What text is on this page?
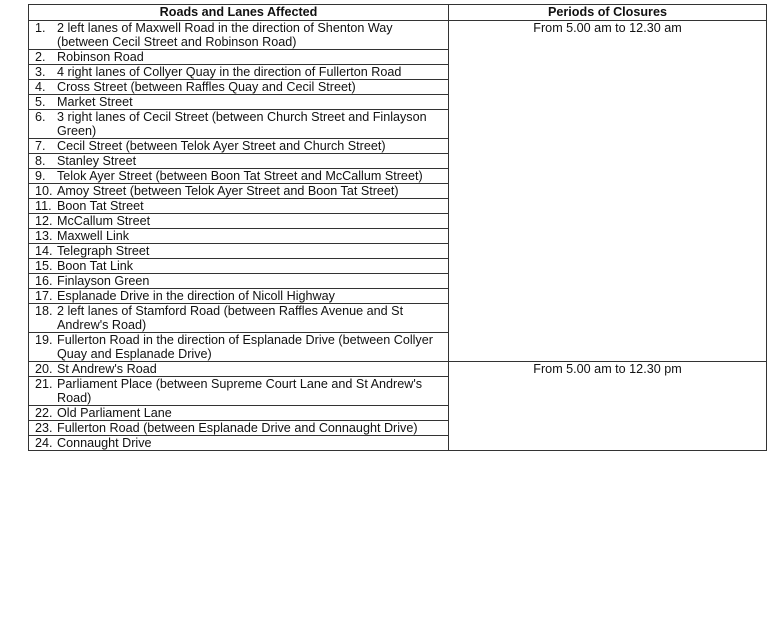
Roads and Lanes Affected	Periods of Closures

1. 2 left lanes of Maxwell Road in the direction of Shenton Way (between Cecil Street and Robinson Road)	From 5.00 am to 12.30 am

2. Robinson Road	

3. 4 right lanes of Collyer Quay in the direction of Fullerton Road	

4. Cross Street (between Raffles Quay and Cecil Street)	

5. Market Street	

6. 3 right lanes of Cecil Street (between Church Street and Finlayson Green)	

7. Cecil Street (between Telok Ayer Street and Church Street)	

8. Stanley Street	

9. Telok Ayer Street (between Boon Tat Street and McCallum Street)	

10. Amoy Street (between Telok Ayer Street and Boon Tat Street)	

11. Boon Tat Street	

12. McCallum Street	

13. Maxwell Link	

14. Telegraph Street	

15. Boon Tat Link	

16. Finlayson Green	

17. Esplanade Drive in the direction of Nicoll Highway	

18. 2 left lanes of Stamford Road (between Raffles Avenue and St Andrew's Road)	

19. Fullerton Road in the direction of Esplanade Drive (between Collyer Quay and Esplanade Drive)	

20. St Andrew's Road	From 5.00 am to 12.30 pm

21. Parliament Place (between Supreme Court Lane and St Andrew's Road)	

22. Old Parliament Lane	

23. Fullerton Road (between Esplanade Drive and Connaught Drive)	

24. Connaught Drive	
